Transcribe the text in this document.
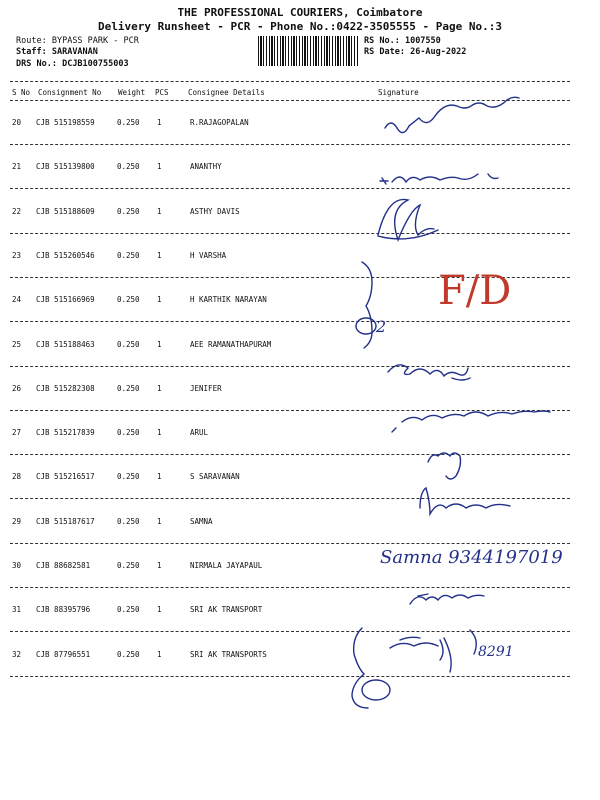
THE PROFESSIONAL COURIERS, Coimbatore
Delivery Runsheet - PCR - Phone No.:0422-3505555 - Page No.:3
Route: BYPASS PARK - PCR
Staff: SARAVANAN
DRS No.: DCJB100755003
RS No.: 1007550
RS Date: 26-Aug-2022
S No Consignment No Weight PCS	Consignee Details	Signature
20 CJB 515198559	0.250 1	R.RAJAGOPALAN
21 CJB 515139800	0.250 1	ANANTHY
22 CJB 515188609	0.250 1	ASTHY DAVIS
23 CJB 515260546	0.250 1	H VARSHA
24 CJB 515166969	0.250 1	H KARTHIK NARAYAN
25 CJB 515188463	0.250 1	AEE RAMANATHAPURAM
26 CJB 515282308	0.250 1	JENIFER
27 CJB 515217839	0.250 1	ARUL
28 CJB 515216517	0.250 1	S SARAVANAN
29 CJB 515187617	0.250 1	SAMNA
30 CJB 88682581	0.250 1	NIRMALA JAYAPAUL
31 CJB 88395796	0.250 1	SRI AK TRANSPORT
32 CJB 87796551	0.250 1	SRI AK TRANSPORTS
F/D
2
Samna 9344197019
8291
